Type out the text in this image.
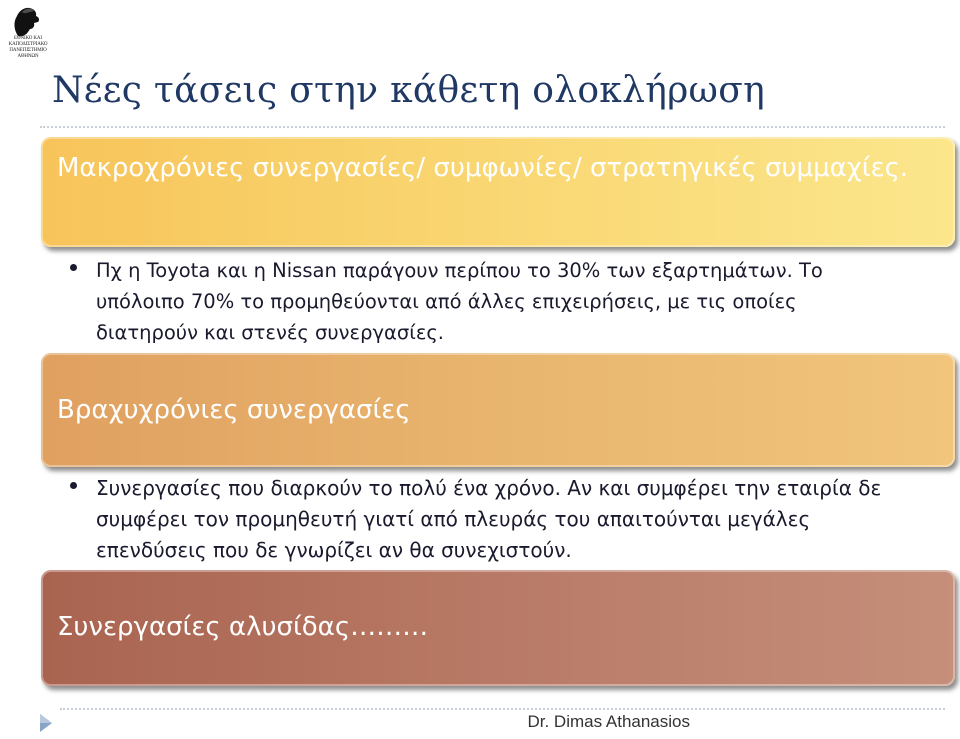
ΕΘΝΙΚΟ ΚΑΙ
ΚΑΠΟΔΙΣΤΡΙΑΚΟ
ΠΑΝΕΠΙΣΤΗΜΙΟ
ΑΘΗΝΩΝ
Νέες τάσεις στην κάθετη ολοκλήρωση
Μακροχρόνιες συνεργασίες/ συμφωνίες/ στρατηγικές συμμαχίες.
Πχ η Toyota και η Nissan παράγουν περίπου το 30% των εξαρτημάτων. Το υπόλοιπο 70% το προμηθεύονται από άλλες επιχειρήσεις, με τις οποίες διατηρούν και στενές συνεργασίες.
Βραχυχρόνιες συνεργασίες
Συνεργασίες που διαρκούν το πολύ ένα χρόνο. Αν και συμφέρει την εταιρία δε συμφέρει τον προμηθευτή γιατί από πλευράς του απαιτούνται μεγάλες επενδύσεις που δε γνωρίζει αν θα συνεχιστούν.
Συνεργασίες αλυσίδας………
Dr. Dimas Athanasios
